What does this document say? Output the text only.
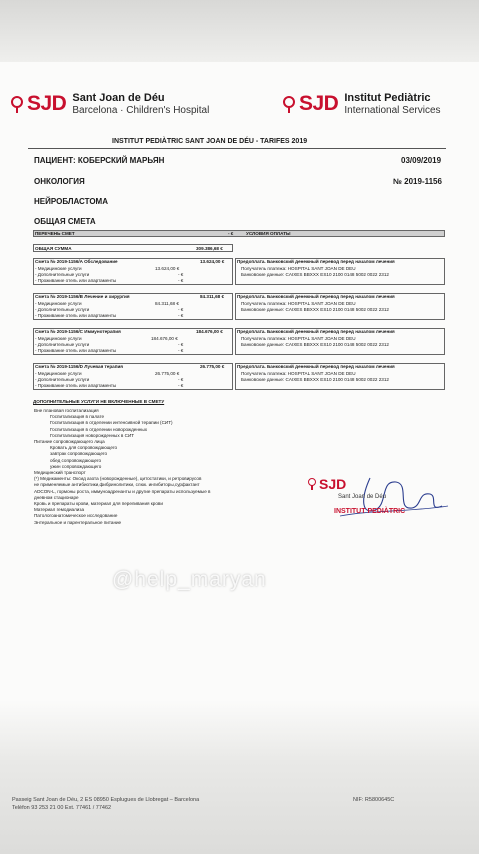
SJD Sant Joan de Déu
Barcelona · Children's Hospital	SJD Institut Pediàtric
International Services
INSTITUT PEDIÀTRIC SANT JOAN DE DÉU - TARIFES 2019
ПАЦИЕНТ: КОБЕРСКИЙ МАРЬЯН	03/09/2019
ОНКОЛОГИЯ	№ 2019-1156
НЕЙРОБЛАСТОМА
ОБЩАЯ СМЕТА
ПЕРЕЧЕНЬ СМЕТ	- €	УСЛОВИЯ ОПЛАТЫ
ОБЩАЯ СУММА	309.386,68 €
Смета № 2019-1156/A Обследование	13.624,00 €
- Медицинские услуги	13.624,00 €
- Дополнительные услуги	- €
- Проживание отель или апартаменты	- €
Предоплата. Банковский денежный перевод перед началом лечения
Получатель платежа: HOSPITAL SANT JOAN DE DEU
Банковские данные: CAIXES BBXXX ES10 2100 0148 5002 0022 2312
Смета № 2019-1156/B Лечение и хирургия	84.311,68 €
- Медицинские услуги	84.311,68 €
- Дополнительные услуги	- €
- Проживание отель или апартаменты	- €
Предоплата. Банковский денежный перевод перед началом лечения
Получатель платежа: HOSPITAL SANT JOAN DE DEU
Банковские данные: CAIXES BBXXX ES10 2100 0148 5002 0022 2312
Смета № 2019-1156/C Иммунотерапия	184.676,00 €
- Медицинские услуги	184.676,00 €
- Дополнительные услуги	- €
- Проживание отель или апартаменты	- €
Предоплата. Банковский денежный перевод перед началом лечения
Получатель платежа: HOSPITAL SANT JOAN DE DEU
Банковские данные: CAIXES BBXXX ES10 2100 0148 5002 0022 2312
Смета № 2019-1156/D Лучевая терапия	26.775,00 €
- Медицинские услуги	26.775,00 €
- Дополнительные услуги	- €
- Проживание отель или апартаменты	- €
Предоплата. Банковский денежный перевод перед началом лечения
Получатель платежа: HOSPITAL SANT JOAN DE DEU
Банковские данные: CAIXES BBXXX ES10 2100 0148 5002 0022 2312
ДОПОЛНИТЕЛЬНЫЕ УСЛУГИ НЕ ВКЛЮЧЕННЫЕ В СМЕТУ
Вне плановая госпитализация
Госпитализация в палате
Госпитализация в отделении интенсивной терапии (СИТ)
Госпитализация в отделении новорожденных
Госпитализация новорожденных в СИТ
Питание сопровождающего лица
Кровать для сопровождающего
завтрак сопровождающего
обед сопровождающего
ужин сопровождающего
Медицинский транспорт
(*) Медикаменты: Оксид азота (новорожденные), цитостатики, и ретровирусов
не применяемые антибиотики,фибринолитики, слюк. ингибиторы,сурфактант
ADCON-L, гормоны роста, иммуноадренанты и другие препараты используемые в
дневном стационаре
Кровь и препараты крови, материал для переливания крови
Материал гемодиализа
Патологоанатомическое исследование
Энтеральное и парентеральное питание
SJD
Sant Joan de Déu
INSTITUT PEDIÀTRIC
@help_maryan
Passeig Sant Joan de Déu, 2 ES 08950 Esplugues de Llobregat – Barcelona
Telèfon 93 253 21 00 Ext. 77461 / 77462
NIF: R5800645C
